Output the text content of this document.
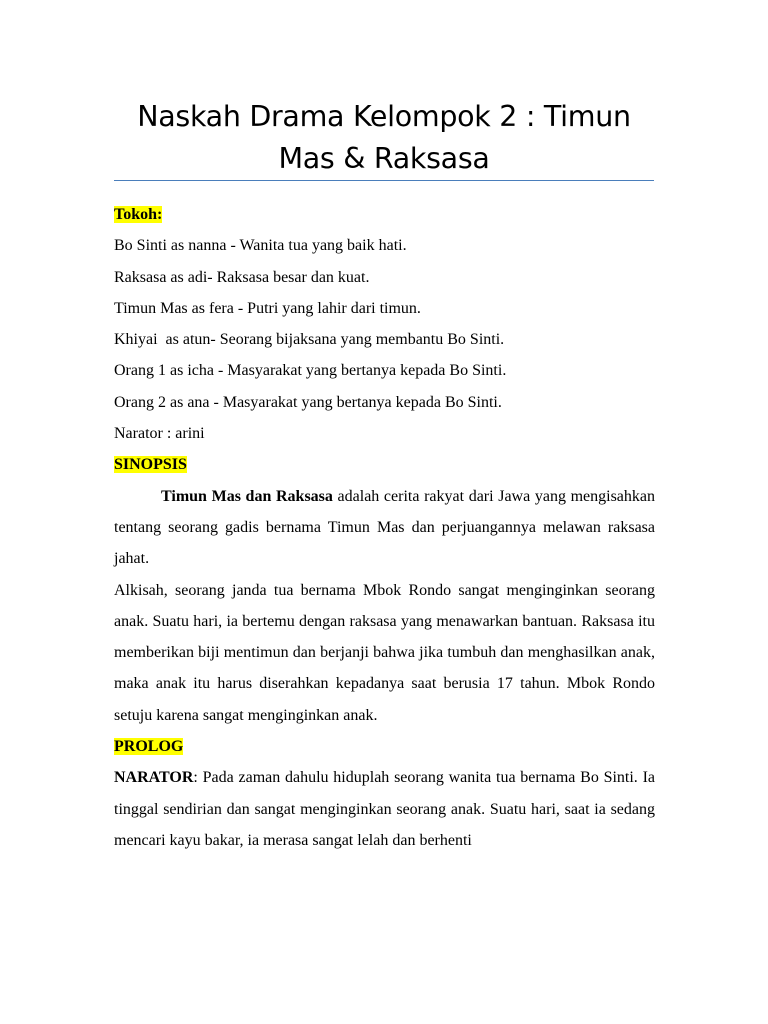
Naskah Drama Kelompok 2 : Timun Mas & Raksasa
Tokoh:
Bo Sinti as nanna - Wanita tua yang baik hati.
Raksasa as adi- Raksasa besar dan kuat.
Timun Mas as fera - Putri yang lahir dari timun.
Khiyai  as atun- Seorang bijaksana yang membantu Bo Sinti.
Orang 1 as icha - Masyarakat yang bertanya kepada Bo Sinti.
Orang 2 as ana - Masyarakat yang bertanya kepada Bo Sinti.
Narator : arini
SINOPSIS

Timun Mas dan Raksasa adalah cerita rakyat dari Jawa yang mengisahkan tentang seorang gadis bernama Timun Mas dan perjuangannya melawan raksasa jahat.

Alkisah, seorang janda tua bernama Mbok Rondo sangat menginginkan seorang anak. Suatu hari, ia bertemu dengan raksasa yang menawarkan bantuan. Raksasa itu memberikan biji mentimun dan berjanji bahwa jika tumbuh dan menghasilkan anak, maka anak itu harus diserahkan kepadanya saat berusia 17 tahun. Mbok Rondo setuju karena sangat menginginkan anak.

PROLOG

NARATOR: Pada zaman dahulu hiduplah seorang wanita tua bernama Bo Sinti. Ia tinggal sendirian dan sangat menginginkan seorang anak. Suatu hari, saat ia sedang mencari kayu bakar, ia merasa sangat lelah dan berhenti
